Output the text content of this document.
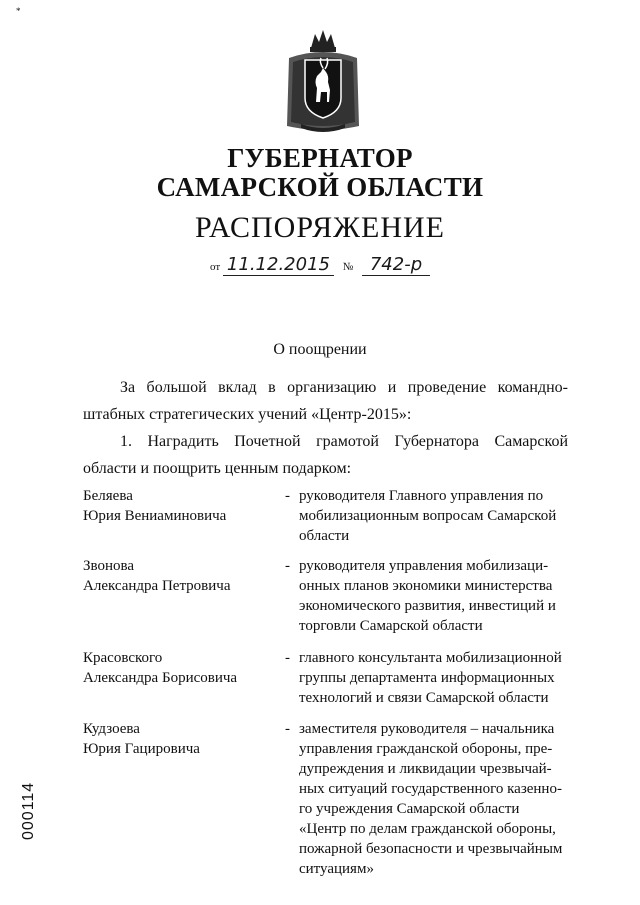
*
ГУБЕРНАТОР
САМАРСКОЙ ОБЛАСТИ
РАСПОРЯЖЕНИЕ
от 11.12.2015 № 742-р
О поощрении
За большой вклад в организацию и проведение командно-штабных стратегических учений «Центр-2015»:
1. Наградить Почетной грамотой Губернатора Самарской области и поощрить ценным подарком:
Беляева
Юрия Вениаминовича
- руководителя Главного управления по
мобилизационным вопросам Самарской
области
Звонова
Александра Петровича
- руководителя управления мобилизаци-
онных планов экономики министерства
экономического развития, инвестиций и
торговли Самарской области
Красовского
Александра Борисовича
- главного консультанта мобилизационной
группы департамента информационных
технологий и связи Самарской области
Кудзоева
Юрия Гацировича
- заместителя руководителя – начальника
управления гражданской обороны, пре-
дупреждения и ликвидации чрезвычай-
ных ситуаций государственного казенно-
го учреждения Самарской области
«Центр по делам гражданской обороны,
пожарной безопасности и чрезвычайным
ситуациям»
000114
